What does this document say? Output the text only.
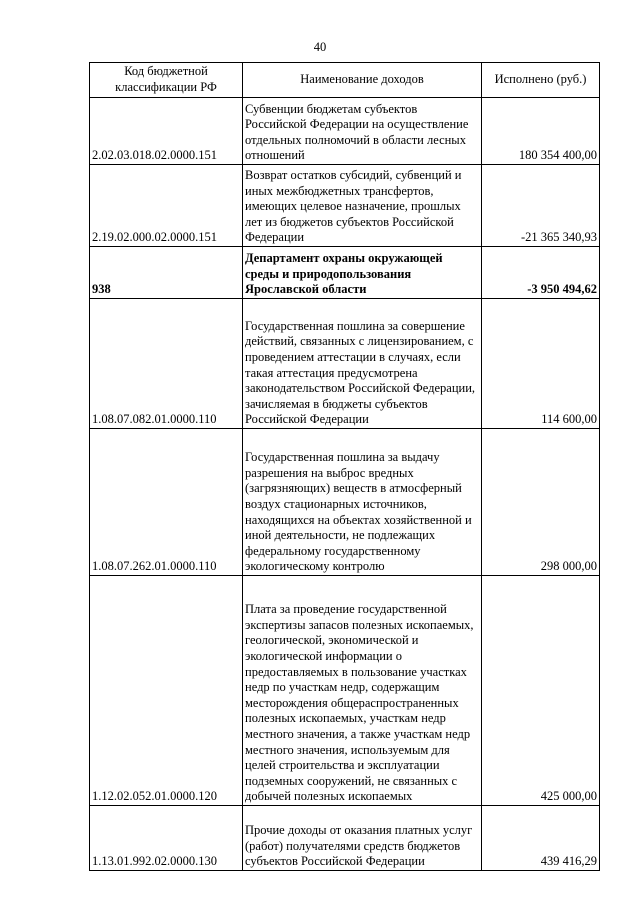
40
Код бюджетной классификации РФ	Наименование доходов	Исполнено (руб.)
2.02.03.018.02.0000.151	Субвенции бюджетам субъектов Российской Федерации на осуществление отдельных полномочий в области лесных отношений	180 354 400,00
2.19.02.000.02.0000.151	Возврат остатков субсидий, субвенций и иных межбюджетных трансфертов, имеющих целевое назначение, прошлых лет из бюджетов субъектов Российской Федерации	-21 365 340,93
938	Департамент охраны окружающей среды и природопользования Ярославской области	-3 950 494,62
1.08.07.082.01.0000.110	Государственная пошлина за совершение действий, связанных с лицензированием, с проведением аттестации в случаях, если такая аттестация предусмотрена законодательством Российской Федерации, зачисляемая в бюджеты субъектов Российской Федерации	114 600,00
1.08.07.262.01.0000.110	Государственная пошлина за выдачу разрешения на выброс вредных (загрязняющих) веществ в атмосферный воздух стационарных источников, находящихся на объектах хозяйственной и иной деятельности, не подлежащих федеральному государственному экологическому контролю	298 000,00
1.12.02.052.01.0000.120	Плата за проведение государственной экспертизы запасов полезных ископаемых, геологической, экономической и экологической информации о предоставляемых в пользование участках недр по участкам недр, содержащим месторождения общераспространенных полезных ископаемых, участкам недр местного значения, а также участкам недр местного значения, используемым для целей строительства и эксплуатации подземных сооружений, не связанных с добычей полезных ископаемых	425 000,00
1.13.01.992.02.0000.130	Прочие доходы от оказания платных услуг (работ) получателями средств бюджетов субъектов Российской Федерации	439 416,29
